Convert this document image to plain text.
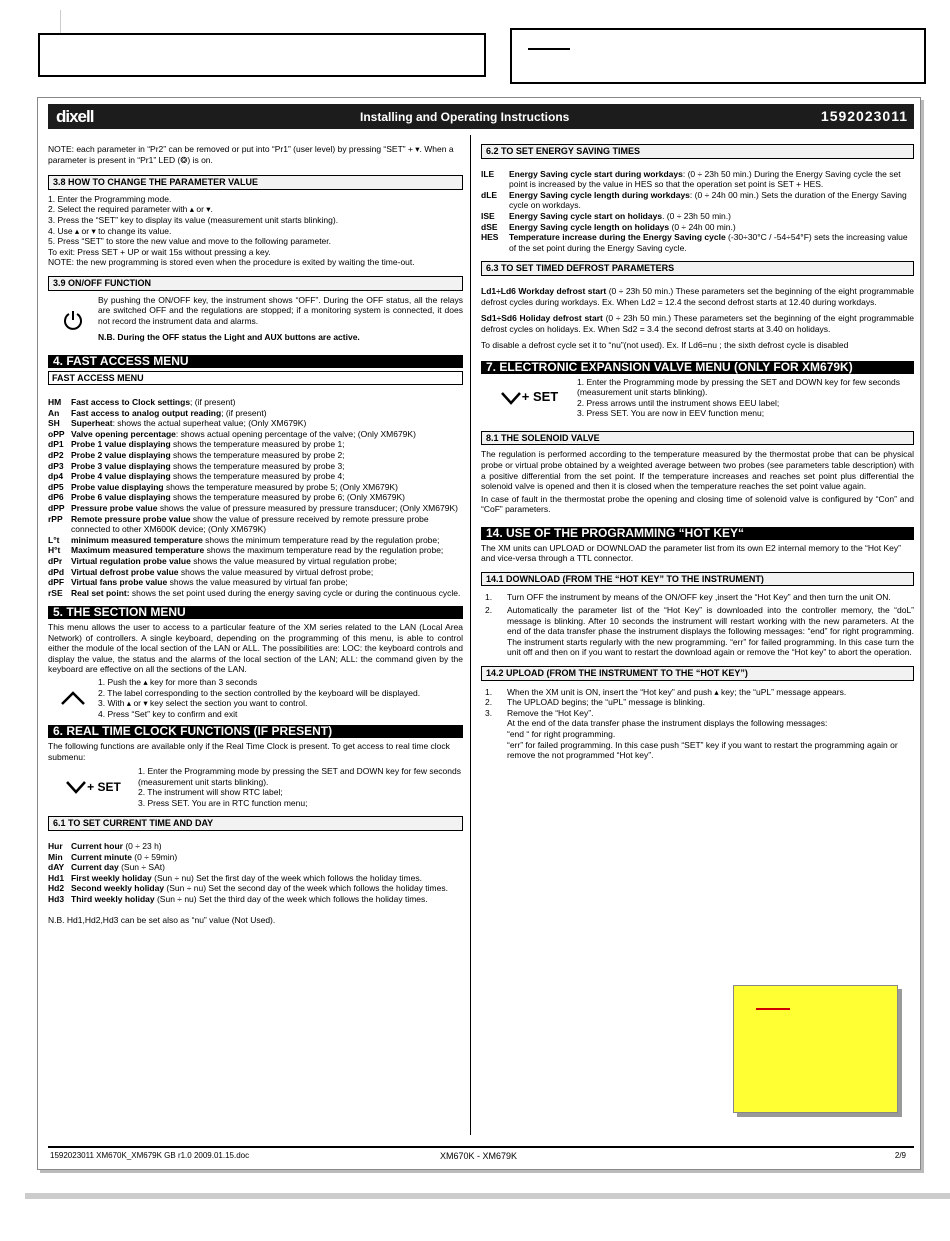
dixell	Installing and Operating Instructions	1592023011

NOTE: each parameter in “Pr2” can be removed or put into “Pr1” (user level) by pressing “SET” + ▾. When a parameter is present in “Pr1” LED (❂) is on.

3.8 HOW TO CHANGE THE PARAMETER VALUE

1. Enter the Programming mode.

2. Select the required parameter with ▴ or ▾.

3. Press the “SET” key to display its value (measurement unit starts blinking).

4. Use ▴ or ▾ to change its value.

5. Press “SET” to store the new value and move to the following parameter.

To exit: Press SET + UP or wait 15s without pressing a key.

NOTE: the new programming is stored even when the procedure is exited by waiting the time-out.

3.9 ON/OFF FUNCTION

By pushing the ON/OFF key, the instrument shows “OFF”. During the OFF status, all the relays are switched OFF and the regulations are stopped; if a monitoring system is connected, it does not record the instrument data and alarms.

N.B. During the OFF status the Light and AUX buttons are active.

4. FAST ACCESS MENU
FAST ACCESS MENU
HM	Fast access to Clock settings; (if present)
An	Fast access to analog output reading; (if present)
SH	Superheat: shows the actual superheat value; (Only XM679K)
oPP Valve opening percentage: shows actual opening percentage of the valve; (Only XM679K)
dP1 Probe 1 value displaying shows the temperature measured by probe 1;
dP2 Probe 2 value displaying shows the temperature measured by probe 2;
dP3 Probe 3 value displaying shows the temperature measured by probe 3;
dp4 Probe 4 value displaying shows the temperature measured by probe 4;
dP5 Probe value displaying shows the temperature measured by probe 5; (Only XM679K)
dP6 Probe 6 value displaying shows the temperature measured by probe 6; (Only XM679K)
dPP Pressure probe value shows the value of pressure measured by pressure transducer; (Only XM679K)
rPP Remote pressure probe value show the value of pressure received by remote pressure probe connected to other XM600K device; (Only XM679K)
L°t	minimum measured temperature shows the minimum temperature read by the regulation probe;
H°t	Maximum measured temperature shows the maximum temperature read by the regulation probe;
dPr	Virtual regulation probe value shows the value measured by virtual regulation probe;
dPd Virtual defrost probe value shows the value measured by virtual defrost probe;
dPF Virtual fans probe value shows the value measured by virtual fan probe;
rSE Real set point: shows the set point used during the energy saving cycle or during the continuous cycle.
5. THE SECTION MENU

This menu allows the user to access to a particular feature of the XM series related to the LAN (Local Area Network) of controllers. A single keyboard, depending on the programming of this menu, is able to control either the module of the local section of the LAN or ALL. The possibilities are: LOC: the keyboard controls and display the value, the status and the alarms of the local section of the LAN; ALL: the command given by the keyboard are effective on all the sections of the LAN.

1. Push the ▴ key for more than 3 seconds

2. The label corresponding to the section controlled by the keyboard will be displayed.

3. With ▴ or ▾ key select the section you want to control.

4. Press “Set” key to confirm and exit

6. REAL TIME CLOCK FUNCTIONS (IF PRESENT)

The following functions are available only if the Real Time Clock is present. To get access to real time clock submenu:

+ SET

1. Enter the Programming mode by pressing the SET and DOWN key for few seconds (measurement unit starts blinking).

2. The instrument will show RTC label;

3. Press SET. You are in RTC function menu;

6.1 TO SET CURRENT TIME AND DAY
Hur Current hour (0 ÷ 23 h)
Min Current minute (0 ÷ 59min)
dAY Current day (Sun ÷ SAt)
Hd1 First weekly holiday (Sun ÷ nu) Set the first day of the week which follows the holiday times.
Hd2 Second weekly holiday (Sun ÷ nu) Set the second day of the week which follows the holiday times.
Hd3 Third weekly holiday (Sun ÷ nu) Set the third day of the week which follows the holiday times.

N.B. Hd1,Hd2,Hd3 can be set also as “nu” value (Not Used).

6.2 TO SET ENERGY SAVING TIMES
ILE	Energy Saving cycle start during workdays: (0 ÷ 23h 50 min.) During the Energy Saving cycle the set point is increased by the value in HES so that the operation set point is SET + HES.
dLE	Energy Saving cycle length during workdays: (0 ÷ 24h 00 min.) Sets the duration of the Energy Saving cycle on workdays.
ISE	Energy Saving cycle start on holidays. (0 ÷ 23h 50 min.)
dSE	Energy Saving cycle length on holidays (0 ÷ 24h 00 min.)
HES	Temperature increase during the Energy Saving cycle (-30÷30°C / -54÷54°F) sets the increasing value of the set point during the Energy Saving cycle.
6.3 TO SET TIMED DEFROST PARAMETERS

Ld1÷Ld6 Workday defrost start (0 ÷ 23h 50 min.) These parameters set the beginning of the eight programmable defrost cycles during workdays. Ex. When Ld2 = 12.4 the second defrost starts at 12.40 during workdays.

Sd1÷Sd6 Holiday defrost start (0 ÷ 23h 50 min.) These parameters set the beginning of the eight programmable defrost cycles on holidays. Ex. When Sd2 = 3.4 the second defrost starts at 3.40 on holidays.

To disable a defrost cycle set it to “nu”(not used). Ex. If Ld6=nu ; the sixth defrost cycle is disabled

7. ELECTRONIC EXPANSION VALVE MENU (ONLY FOR XM679K)
+ SET

1. Enter the Programming mode by pressing the SET and DOWN key for few seconds (measurement unit starts blinking).

2. Press arrows until the instrument shows EEU label;

3. Press SET. You are now in EEV function menu;

8.1 THE SOLENOID VALVE

The regulation is performed according to the temperature measured by the thermostat probe that can be physical probe or virtual probe obtained by a weighted average between two probes (see parameters table description) with a positive differential from the set point. If the temperature increases and reaches set point plus differential the solenoid valve is opened and then it is closed when the temperature reaches the set point value again.

In case of fault in the thermostat probe the opening and closing time of solenoid valve is configured by “Con” and “CoF” parameters.

14. USE OF THE PROGRAMMING “HOT KEY“

The XM units can UPLOAD or DOWNLOAD the parameter list from its own E2 internal memory to the “Hot Key” and vice-versa through a TTL connector.

14.1 DOWNLOAD (FROM THE “HOT KEY” TO THE INSTRUMENT)
1.	Turn OFF the instrument by means of the ON/OFF key ,insert the “Hot Key” and then turn the unit ON.
2.	Automatically the parameter list of the “Hot Key” is downloaded into the controller memory, the “doL” message is blinking. After 10 seconds the instrument will restart working with the new parameters. At the end of the data transfer phase the instrument displays the following messages: “end” for right programming. The instrument starts regularly with the new programming. “err” for failed programming. In this case turn the unit off and then on if you want to restart the download again or remove the “Hot key” to abort the operation.
14.2 UPLOAD (FROM THE INSTRUMENT TO THE “HOT KEY”)
1.	When the XM unit is ON, insert the “Hot key” and push ▴ key; the “uPL” message appears.
2.	The UPLOAD begins; the “uPL” message is blinking.
3.	Remove the “Hot Key”.
At the end of the data transfer phase the instrument displays the following messages:
“end “ for right programming.
“err” for failed programming. In this case push “SET” key if you want to restart the programming again or remove the not programmed “Hot key”.
1592023011 XM670K_XM679K GB r1.0 2009.01.15.doc	XM670K - XM679K	2/9
